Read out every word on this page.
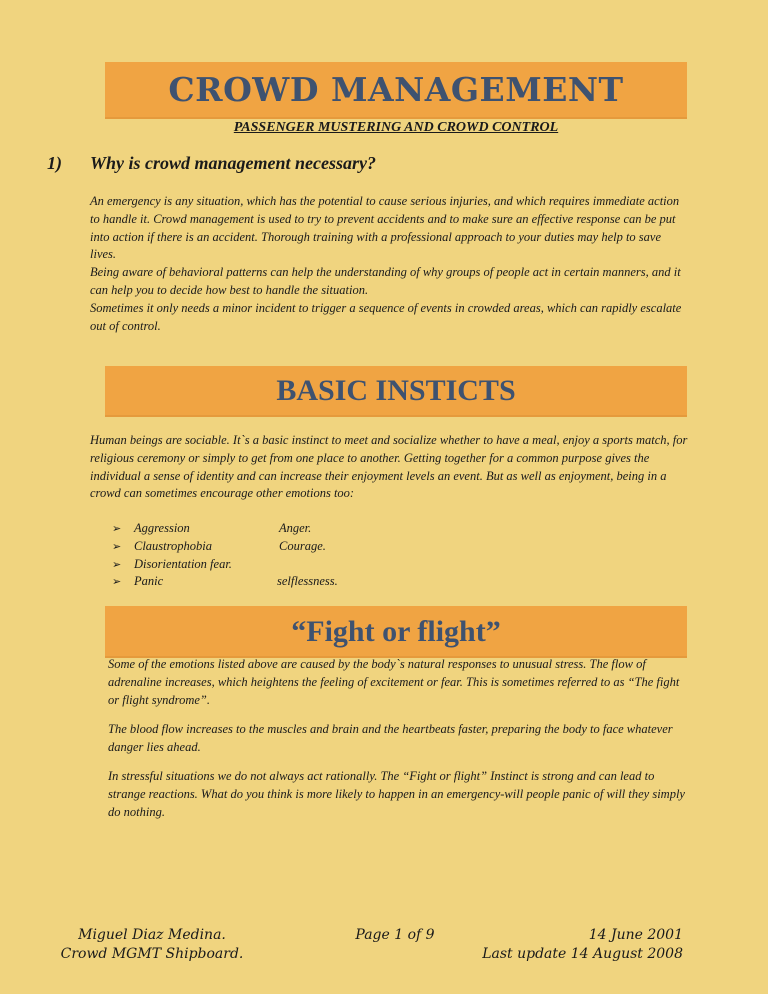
CROWD MANAGEMENT

PASSENGER MUSTERING AND CROWD CONTROL

1) Why is crowd management necessary?

An emergency is any situation, which has the potential to cause serious injuries, and which requires immediate action to handle it. Crowd management is used to try to prevent accidents and to make sure an effective response can be put into action if there is an accident. Thorough training with a professional approach to your duties may help to save lives.
Being aware of behavioral patterns can help the understanding of why groups of people act in certain manners, and it can help you to decide how best to handle the situation.
Sometimes it only needs a minor incident to trigger a sequence of events in crowded areas, which can rapidly escalate out of control.

BASIC INSTICTS

Human beings are sociable. It`s a basic instinct to meet and socialize whether to have a meal, enjoy a sports match, for religious ceremony or simply to get from one place to another. Getting together for a common purpose gives the individual a sense of identity and can increase their enjoyment levels an event. But as well as enjoyment, being in a crowd can sometimes encourage other emotions too:

➢ Aggression	Anger.
➢ Claustrophobia	Courage.
➢ Disorientation fear.
➢ Panic	selflessness.
“Fight or flight”

Some of the emotions listed above are caused by the body`s natural responses to unusual stress. The flow of adrenaline increases, which heightens the feeling of excitement or fear. This is sometimes referred to as “The fight or flight syndrome”.

The blood flow increases to the muscles and brain and the heartbeats faster, preparing the body to face whatever danger lies ahead.

In stressful situations we do not always act rationally. The “Fight or flight” Instinct is strong and can lead to strange reactions. What do you think is more likely to happen in an emergency-will people panic of will they simply do nothing.

Miguel Diaz Medina.
Crowd MGMT Shipboard.
Page 1 of 9	14 June 2001
Last update 14 August 2008
